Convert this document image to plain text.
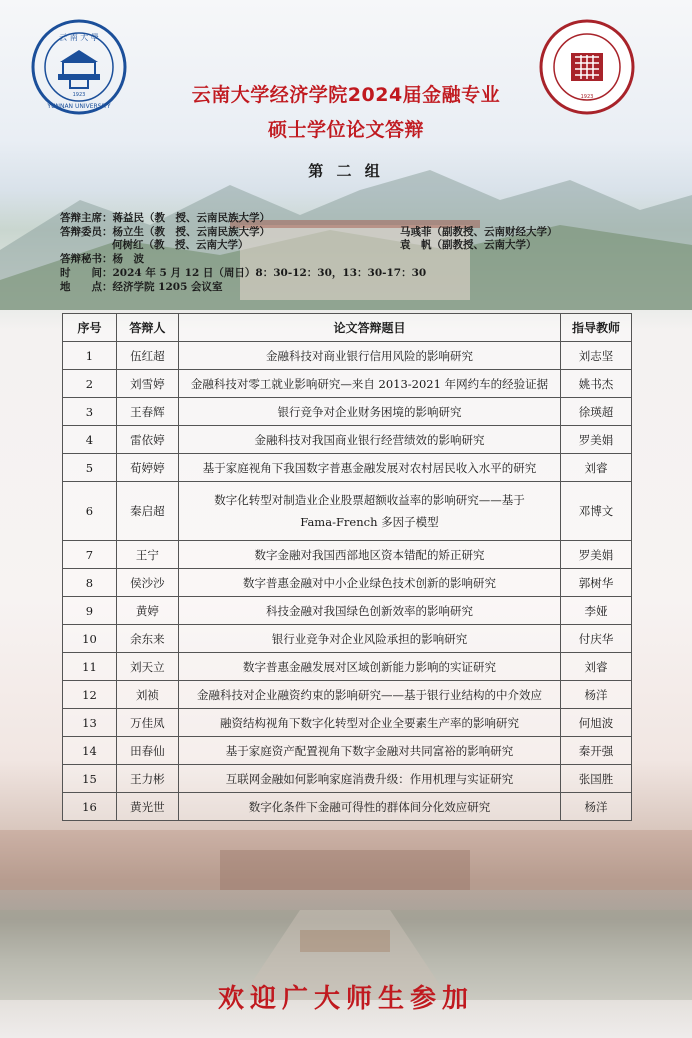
云 南 大 學
YUNNAN UNIVERSITY
1923	1923
云南大学经济学院2024届金融专业
硕士学位论文答辩
第 二 组
答辩主席：蒋益民（教　授、云南民族大学）
答辩委员：杨立生（教　授、云南民族大学）	马彧菲（副教授、云南财经大学）
何树红（教　授、云南大学）	袁　帆（副教授、云南大学）
答辩秘书：杨　波
时　　间：2024 年 5 月 12 日（周日）8：30-12：30，13：30-17：30
地　　点：经济学院 1205 会议室
序号	答辩人	论文答辩题目	指导教师
1	伍红超	金融科技对商业银行信用风险的影响研究	刘志坚
2	刘雪婷	金融科技对零工就业影响研究—来自 2013-2021 年网约车的经验证据	姚书杰
3	王春辉	银行竞争对企业财务困境的影响研究	徐瑛超
4	雷依婷	金融科技对我国商业银行经营绩效的影响研究	罗美娟
5	荀婷婷	基于家庭视角下我国数字普惠金融发展对农村居民收入水平的研究	刘睿
6	秦启超	数字化转型对制造业企业股票超额收益率的影响研究——基于
Fama-French 多因子模型	邓博文
7	王宁	数字金融对我国西部地区资本错配的矫正研究	罗美娟
8	侯沙沙	数字普惠金融对中小企业绿色技术创新的影响研究	郭树华
9	黄婷	科技金融对我国绿色创新效率的影响研究	李娅
10	余东来	银行业竞争对企业风险承担的影响研究	付庆华
11	刘天立	数字普惠金融发展对区域创新能力影响的实证研究	刘睿
12	刘祯	金融科技对企业融资约束的影响研究——基于银行业结构的中介效应	杨洋
13	万佳凤	融资结构视角下数字化转型对企业全要素生产率的影响研究	何旭波
14	田春仙	基于家庭资产配置视角下数字金融对共同富裕的影响研究	秦开强
15	王力彬	互联网金融如何影响家庭消费升级：作用机理与实证研究	张国胜
16	黄光世	数字化条件下金融可得性的群体间分化效应研究	杨洋
欢迎广大师生参加
